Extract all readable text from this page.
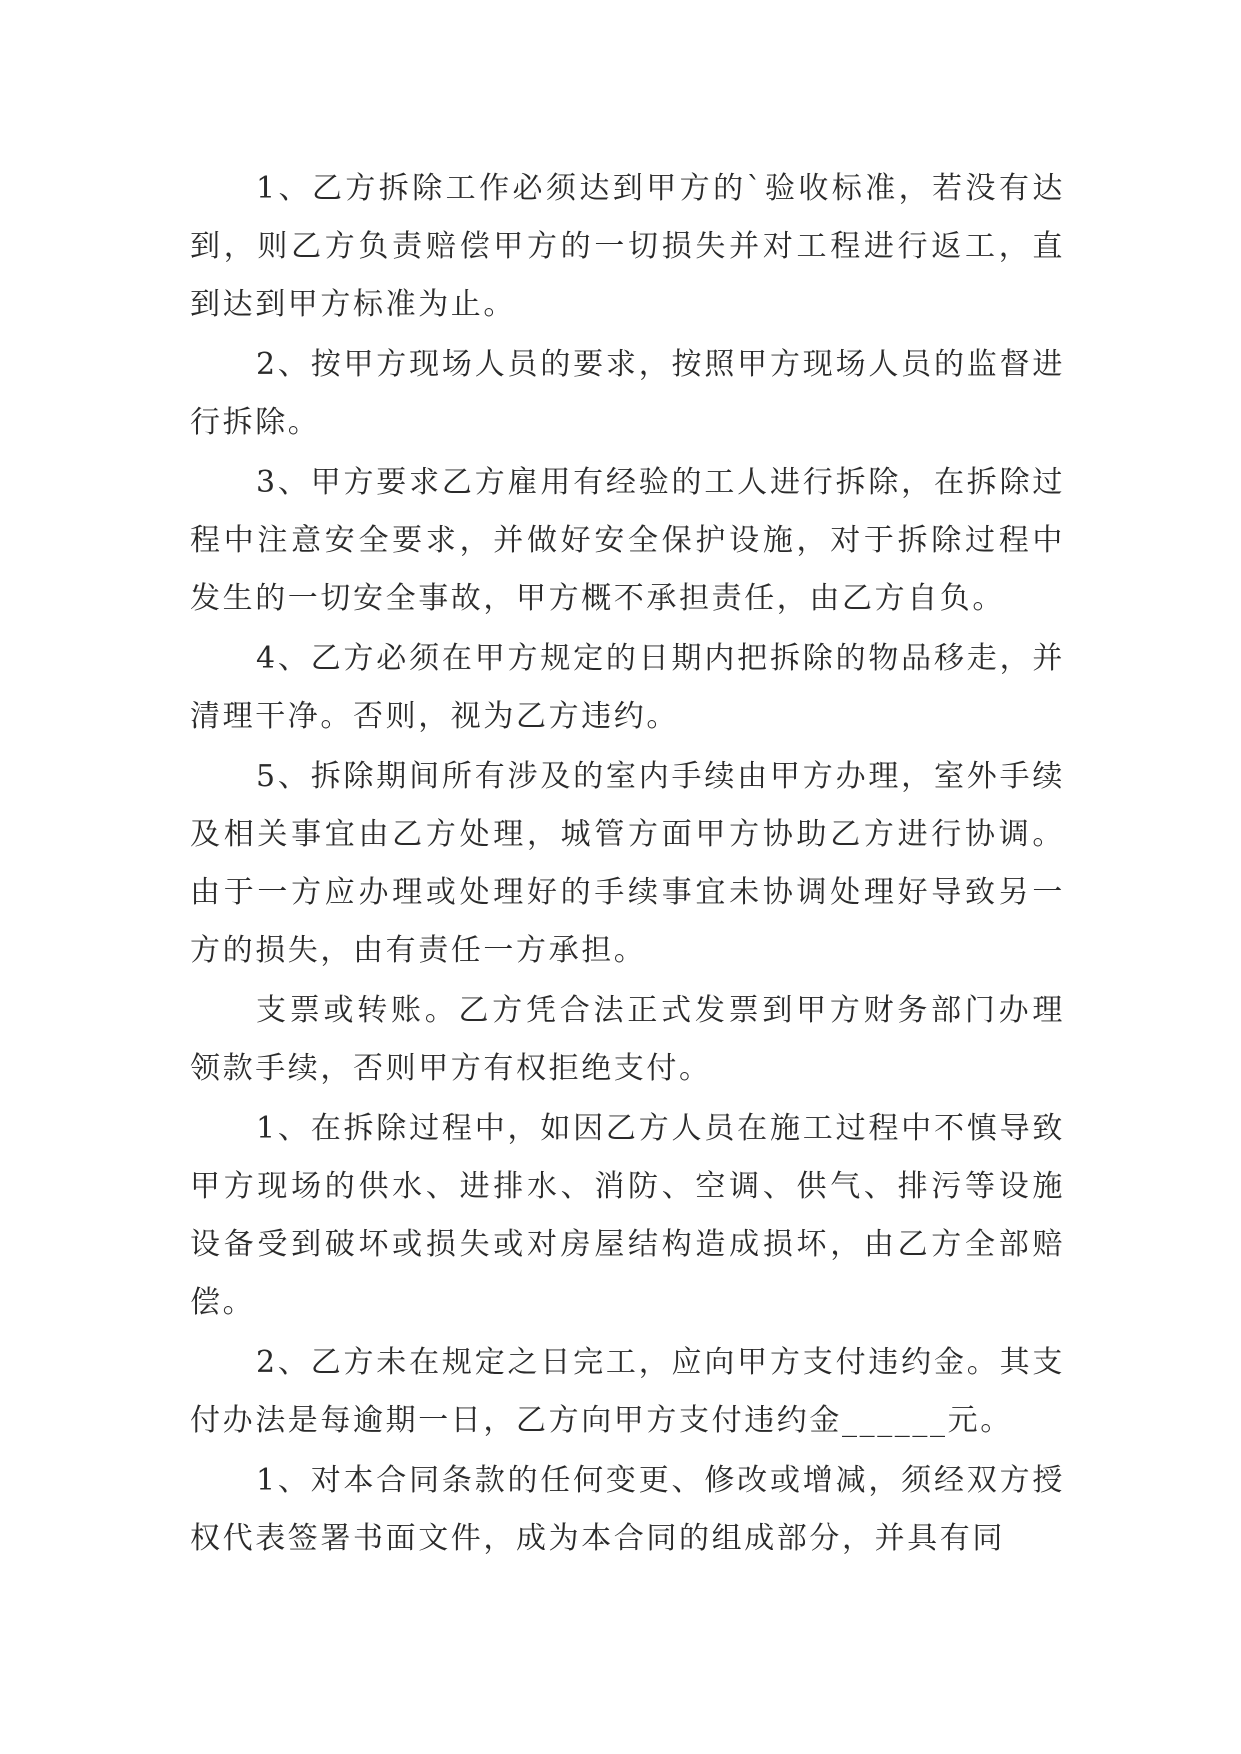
1、乙方拆除工作必须达到甲方的`验收标准，若没有达到，则乙方负责赔偿甲方的一切损失并对工程进行返工，直到达到甲方标准为止。

2、按甲方现场人员的要求，按照甲方现场人员的监督进行拆除。

3、甲方要求乙方雇用有经验的工人进行拆除，在拆除过程中注意安全要求，并做好安全保护设施，对于拆除过程中发生的一切安全事故，甲方概不承担责任，由乙方自负。

4、乙方必须在甲方规定的日期内把拆除的物品移走，并清理干净。否则，视为乙方违约。

5、拆除期间所有涉及的室内手续由甲方办理，室外手续及相关事宜由乙方处理，城管方面甲方协助乙方进行协调。由于一方应办理或处理好的手续事宜未协调处理好导致另一方的损失，由有责任一方承担。

支票或转账。乙方凭合法正式发票到甲方财务部门办理领款手续，否则甲方有权拒绝支付。

1、在拆除过程中，如因乙方人员在施工过程中不慎导致甲方现场的供水、进排水、消防、空调、供气、排污等设施设备受到破坏或损失或对房屋结构造成损坏，由乙方全部赔偿。

2、乙方未在规定之日完工，应向甲方支付违约金。其支付办法是每逾期一日，乙方向甲方支付违约金______元。

1、对本合同条款的任何变更、修改或增减，须经双方授权代表签署书面文件，成为本合同的组成部分，并具有同
